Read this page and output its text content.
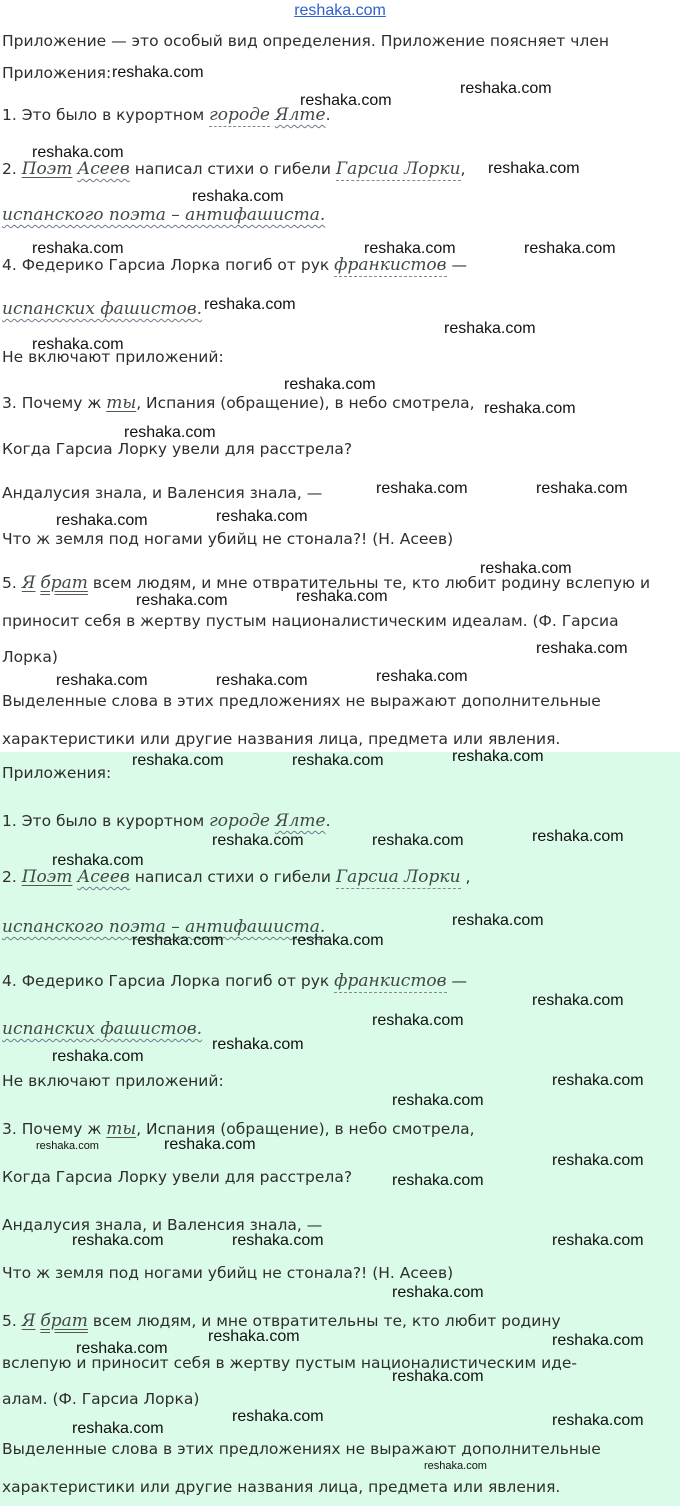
reshaka.com
Приложение — это особый вид определения. Приложение поясняет член
Приложения:
1. Это было в курортном городе Ялте.
2. Поэт Асеев написал стихи о гибели Гарсиа Лорки,
испанского поэта – антифашиста.
4. Федерико Гарсиа Лорка погиб от рук франкистов —
испанских фашистов.
Не включают приложений:
3. Почему ж ты, Испания (обращение), в небо смотрела,
Когда Гарсиа Лорку увели для расстрела?
Андалусия знала, и Валенсия знала, —
Что ж земля под ногами убийц не стонала?! (Н. Асеев)
5. Я брат всем людям, и мне отвратительны те, кто любит родину вслепую и
приносит себя в жертву пустым националистическим идеалам. (Ф. Гарсиа
Лорка)
Выделенные слова в этих предложениях не выражают дополнительные
характеристики или другие названия лица, предмета или явления.
Приложения:
1. Это было в курортном городе Ялте.
2. Поэт Асеев написал стихи о гибели Гарсиа Лорки ,
испанского поэта – антифашиста.
4. Федерико Гарсиа Лорка погиб от рук франкистов —
испанских фашистов.
Не включают приложений:
3. Почему ж ты, Испания (обращение), в небо смотрела,
Когда Гарсиа Лорку увели для расстрела?
Андалусия знала, и Валенсия знала, —
Что ж земля под ногами убийц не стонала?! (Н. Асеев)
5. Я брат всем людям, и мне отвратительны те, кто любит родину
вслепую и приносит себя в жертву пустым националистическим иде-
алам. (Ф. Гарсиа Лорка)
Выделенные слова в этих предложениях не выражают дополнительные
характеристики или другие названия лица, предмета или явления.
reshaka.com
reshaka.com
reshaka.com
reshaka.com
reshaka.com
reshaka.com
reshaka.com	reshaka.com	reshaka.com
reshaka.com
reshaka.com
reshaka.com
reshaka.com
reshaka.com
reshaka.com
reshaka.com	reshaka.com
reshaka.com
reshaka.com
reshaka.com
reshaka.com
reshaka.com
reshaka.com
reshaka.com	reshaka.com	reshaka.com
reshaka.com	reshaka.com	reshaka.com
reshaka.com	reshaka.com	reshaka.com
reshaka.com
reshaka.com
reshaka.com	reshaka.com
reshaka.com
reshaka.com
reshaka.com
reshaka.com
reshaka.com
reshaka.com
reshaka.com	reshaka.com
reshaka.com
reshaka.com
reshaka.com	reshaka.com	reshaka.com
reshaka.com
reshaka.com	reshaka.com
reshaka.com
reshaka.com
reshaka.com	reshaka.com
reshaka.com
reshaka.com
